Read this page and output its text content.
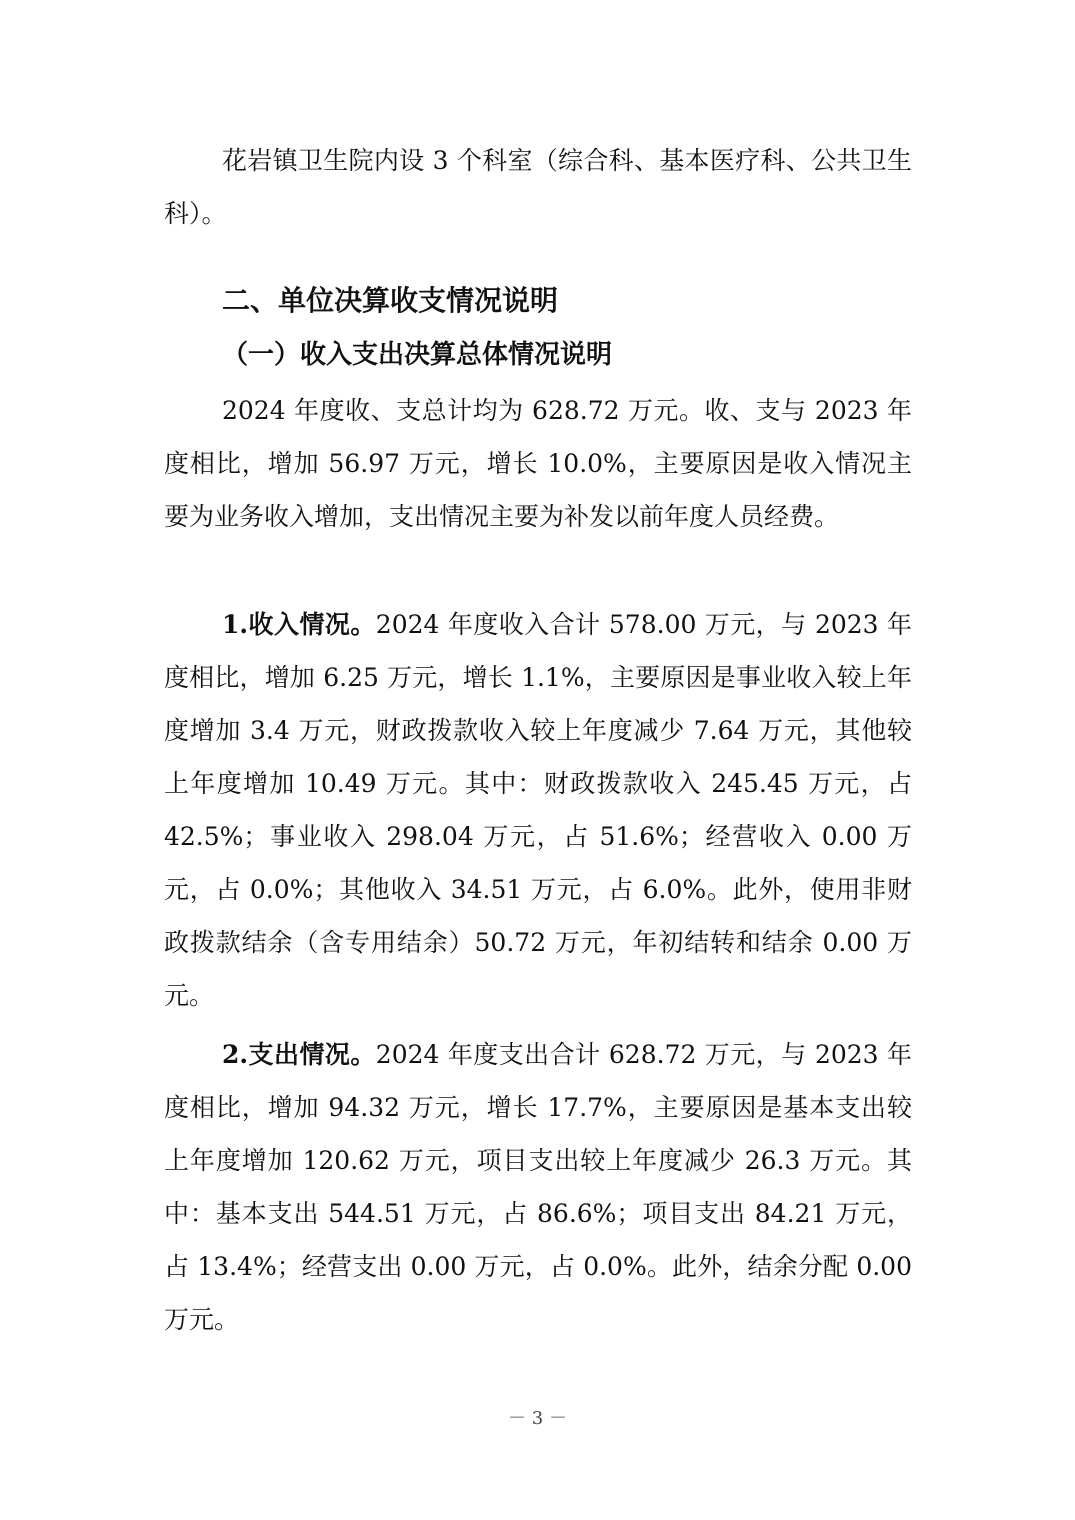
花岩镇卫生院内设 3 个科室（综合科、基本医疗科、公共卫生科）。

二、单位决算收支情况说明
（一）收入支出决算总体情况说明

2024 年度收、支总计均为 628.72 万元。收、支与 2023 年度相比，增加 56.97 万元，增长 10.0%，主要原因是收入情况主要为业务收入增加，支出情况主要为补发以前年度人员经费。

1.收入情况。2024 年度收入合计 578.00 万元，与 2023 年度相比，增加 6.25 万元，增长 1.1%，主要原因是事业收入较上年度增加 3.4 万元，财政拨款收入较上年度减少 7.64 万元，其他较上年度增加 10.49 万元。其中：财政拨款收入 245.45 万元，占 42.5%；事业收入 298.04 万元，占 51.6%；经营收入 0.00 万元，占 0.0%；其他收入 34.51 万元，占 6.0%。此外，使用非财政拨款结余（含专用结余）50.72 万元，年初结转和结余 0.00 万元。

2.支出情况。2024 年度支出合计 628.72 万元，与 2023 年度相比，增加 94.32 万元，增长 17.7%，主要原因是基本支出较上年度增加 120.62 万元，项目支出较上年度减少 26.3 万元。其中：基本支出 544.51 万元，占 86.6%；项目支出 84.21 万元，占 13.4%；经营支出 0.00 万元，占 0.0%。此外，结余分配 0.00 万元。

－ 3 －
